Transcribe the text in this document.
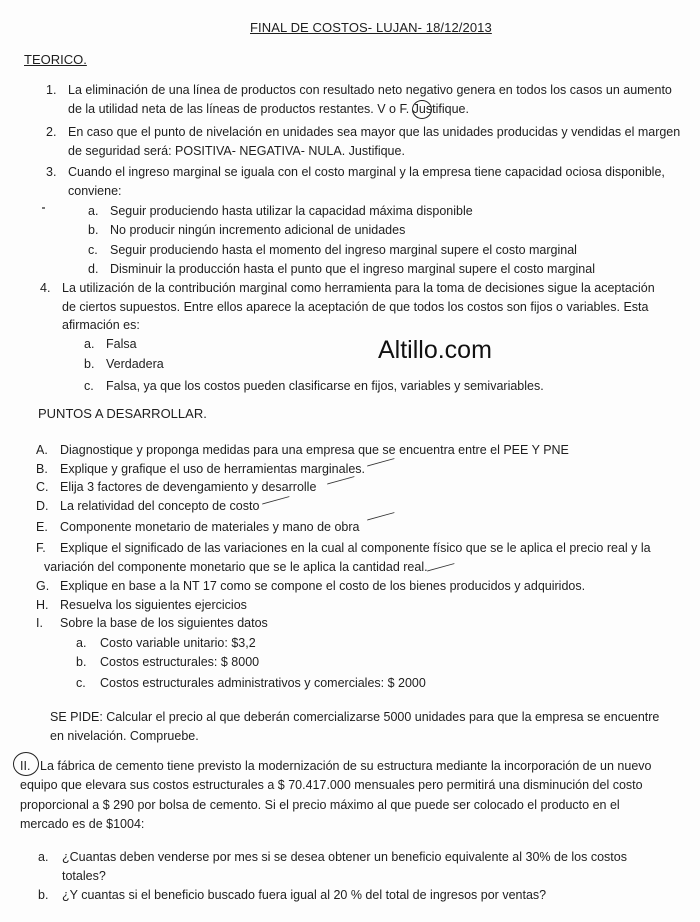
FINAL DE COSTOS- LUJAN- 18/12/2013
TEORICO.
1. La eliminación de una línea de productos con resultado neto negativo genera en todos los casos un aumento
de la utilidad neta de las líneas de productos restantes. V o F. Justifique.
2. En caso que el punto de nivelación en unidades sea mayor que las unidades producidas y vendidas el margen
de seguridad será: POSITIVA- NEGATIVA- NULA. Justifique.
3. Cuando el ingreso marginal se iguala con el costo marginal y la empresa tiene capacidad ociosa disponible,
conviene:
a. Seguir produciendo hasta utilizar la capacidad máxima disponible
b. No producir ningún incremento adicional de unidades
c. Seguir produciendo hasta el momento del ingreso marginal supere el costo marginal
d. Disminuir la producción hasta el punto que el ingreso marginal supere el costo marginal
4. La utilización de la contribución marginal como herramienta para la toma de decisiones sigue la aceptación
de ciertos supuestos. Entre ellos aparece la aceptación de que todos los costos son fijos o variables. Esta
afirmación es:
a. Falsa
b. Verdadera
c. Falsa, ya que los costos pueden clasificarse en fijos, variables y semivariables.
Altillo.com
PUNTOS A DESARROLLAR.
A. Diagnostique y proponga medidas para una empresa que se encuentra entre el PEE Y PNE
B. Explique y grafique el uso de herramientas marginales.
C. Elija 3 factores de devengamiento y desarrolle
D. La relatividad del concepto de costo
E. Componente monetario de materiales y mano de obra
F. Explique el significado de las variaciones en la cual al componente físico que se le aplica el precio real y la
variación del componente monetario que se le aplica la cantidad real.
G. Explique en base a la NT 17 como se compone el costo de los bienes producidos y adquiridos.
H. Resuelva los siguientes ejercicios
I. Sobre la base de los siguientes datos
a. Costo variable unitario: $3,2
b. Costos estructurales: $ 8000
c. Costos estructurales administrativos y comerciales: $ 2000
SE PIDE: Calcular el precio al que deberán comercializarse 5000 unidades para que la empresa se encuentre
en nivelación. Compruebe.
II. La fábrica de cemento tiene previsto la modernización de su estructura mediante la incorporación de un nuevo
equipo que elevara sus costos estructurales a $ 70.417.000 mensuales pero permitirá una disminución del costo
proporcional a $ 290 por bolsa de cemento. Si el precio máximo al que puede ser colocado el producto en el
mercado es de $1004:
a. ¿Cuantas deben venderse por mes si se desea obtener un beneficio equivalente al 30% de los costos
totales?
b. ¿Y cuantas si el beneficio buscado fuera igual al 20 % del total de ingresos por ventas?
